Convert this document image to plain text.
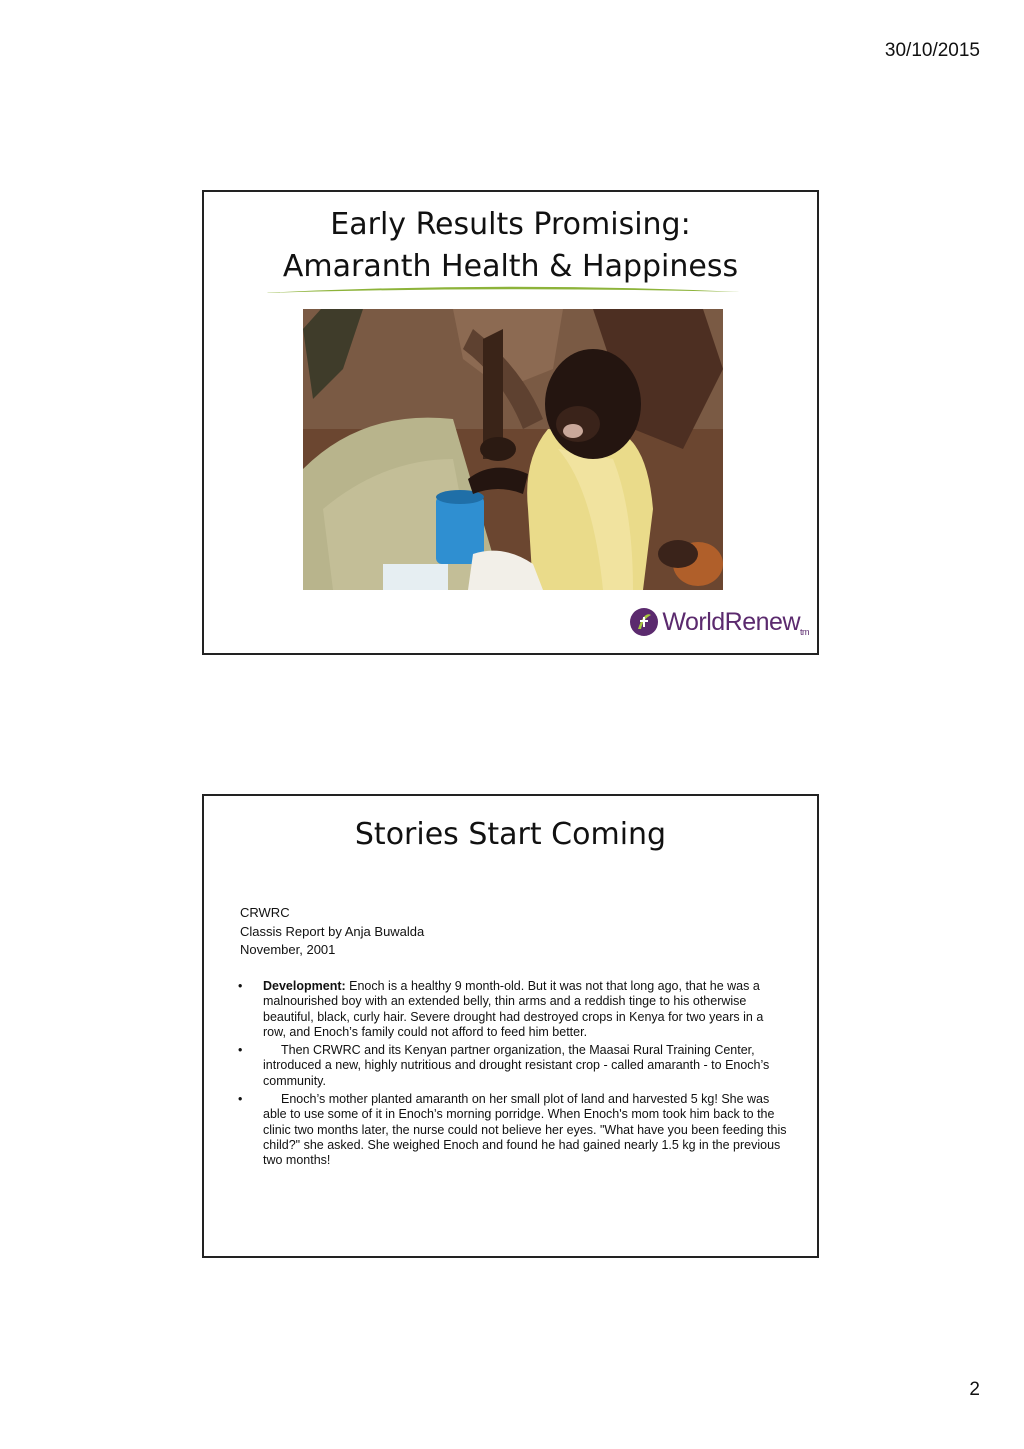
30/10/2015
Early Results Promising:
Amaranth Health & Happiness
WorldRenewtm
Stories Start Coming
CRWRC
Classis Report by Anja Buwalda
November, 2001
• Development: Enoch is a healthy 9 month-old. But it was not that long ago, that he was a malnourished boy with an extended belly, thin arms and a reddish tinge to his otherwise beautiful, black, curly hair. Severe drought had destroyed crops in Kenya for two years in a row, and Enoch’s family could not afford to feed him better.
•	Then CRWRC and its Kenyan partner organization, the Maasai Rural Training Center, introduced a new, highly nutritious and drought resistant crop - called amaranth - to Enoch’s community.
•	Enoch’s mother planted amaranth on her small plot of land and harvested 5 kg! She was able to use some of it in Enoch’s morning porridge. When Enoch's mom took him back to the clinic two months later, the nurse could not believe her eyes. "What have you been feeding this child?" she asked. She weighed Enoch and found he had gained nearly 1.5 kg in the previous two months!
2
